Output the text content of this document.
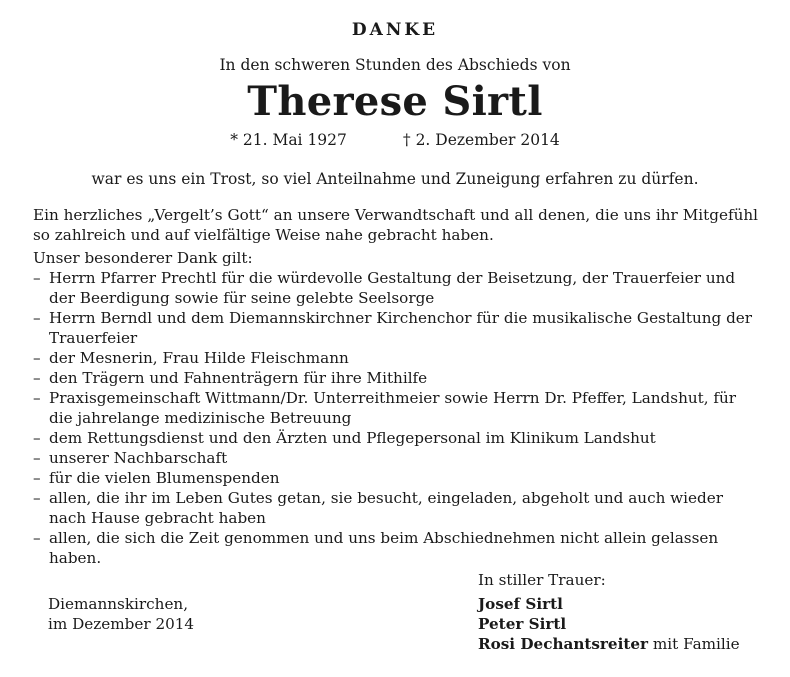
DANKE
In den schweren Stunden des Abschieds von
Therese Sirtl
* 21. Mai 1927	† 2. Dezember 2014
war es uns ein Trost, so viel Anteilnahme und Zuneigung erfahren zu dürfen.

Ein herzliches „Vergelt’s Gott“ an unsere Verwandtschaft und all denen, die uns ihr Mitgefühl so zahlreich und auf vielfältige Weise nahe gebracht haben.

Unser besonderer Dank gilt:

– Herrn Pfarrer Prechtl für die würdevolle Gestaltung der Beisetzung, der Trauerfeier und der Beerdigung sowie für seine gelebte Seelsorge
– Herrn Berndl und dem Diemannskirchner Kirchenchor für die musikalische Gestaltung der Trauerfeier
– der Mesnerin, Frau Hilde Fleischmann
– den Trägern und Fahnenträgern für ihre Mithilfe
– Praxisgemeinschaft Wittmann/Dr. Unterreithmeier sowie Herrn Dr. Pfeffer, Landshut, für die jahrelange medizinische Betreuung
– dem Rettungsdienst und den Ärzten und Pflegepersonal im Klinikum Landshut
– unserer Nachbarschaft
– für die vielen Blumenspenden
– allen, die ihr im Leben Gutes getan, sie besucht, eingeladen, abgeholt und auch wieder nach Hause gebracht haben
– allen, die sich die Zeit genommen und uns beim Abschiednehmen nicht allein gelassen haben.
Diemannskirchen,
im Dezember 2014
In stiller Trauer:
Josef Sirtl
Peter Sirtl
Rosi Dechantsreiter mit Familie
